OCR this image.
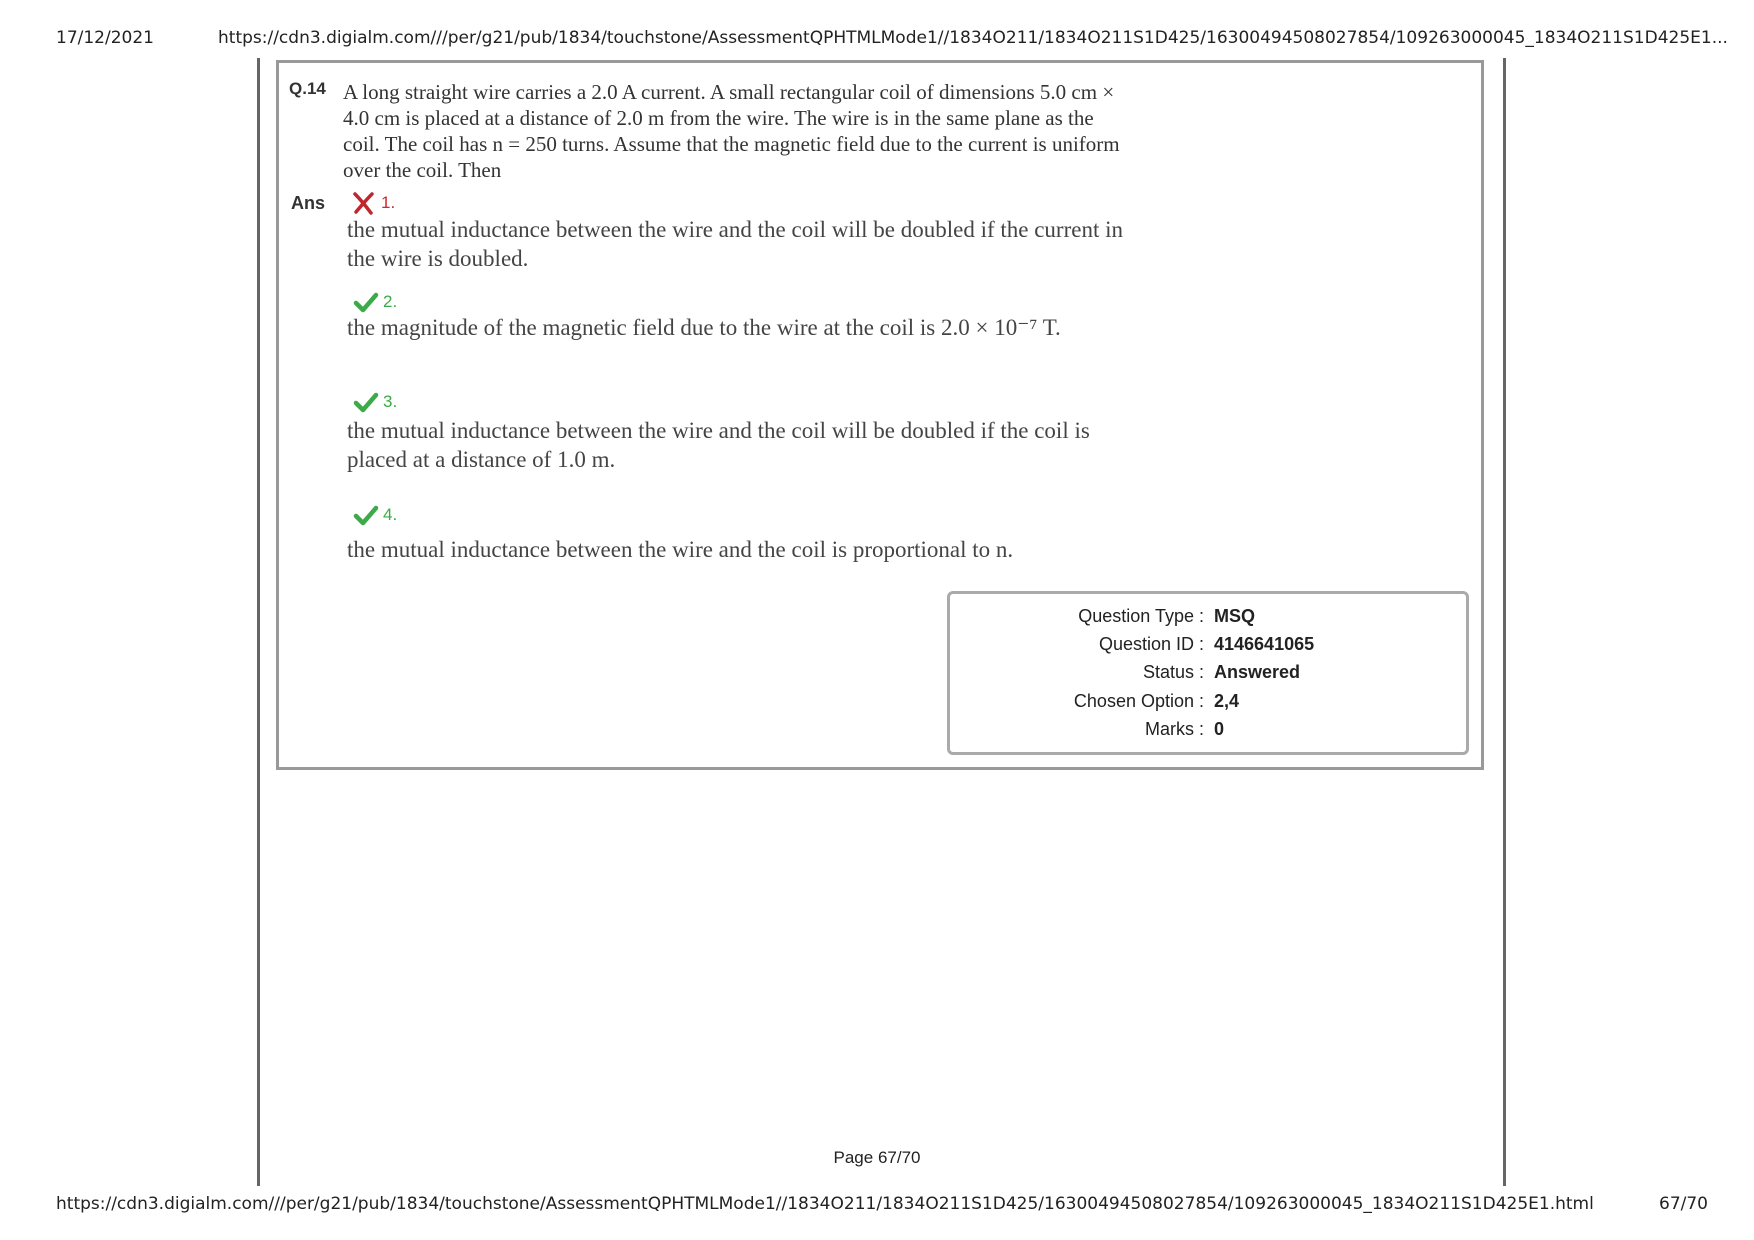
17/12/2021	https://cdn3.digialm.com///per/g21/pub/1834/touchstone/AssessmentQPHTMLMode1//1834O211/1834O211S1D425/16300494508027854/109263000045_1834O211S1D425E1...
Q.14 A long straight wire carries a 2.0 A current. A small rectangular coil of dimensions 5.0 cm × 4.0 cm is placed at a distance of 2.0 m from the wire. The wire is in the same plane as the coil. The coil has n = 250 turns. Assume that the magnetic field due to the current is uniform over the coil. Then
Ans	1.
the mutual inductance between the wire and the coil will be doubled if the current in the wire is doubled.
2.
the magnitude of the magnetic field due to the wire at the coil is 2.0 × 10⁻⁷ T.
3.
the mutual inductance between the wire and the coil will be doubled if the coil is placed at a distance of 1.0 m.
4.
the mutual inductance between the wire and the coil is proportional to n.
Question Type : MSQ
Question ID : 4146641065
Status : Answered
Chosen Option : 2,4
Marks : 0
Page 67/70
https://cdn3.digialm.com///per/g21/pub/1834/touchstone/AssessmentQPHTMLMode1//1834O211/1834O211S1D425/16300494508027854/109263000045_1834O211S1D425E1.html	67/70
